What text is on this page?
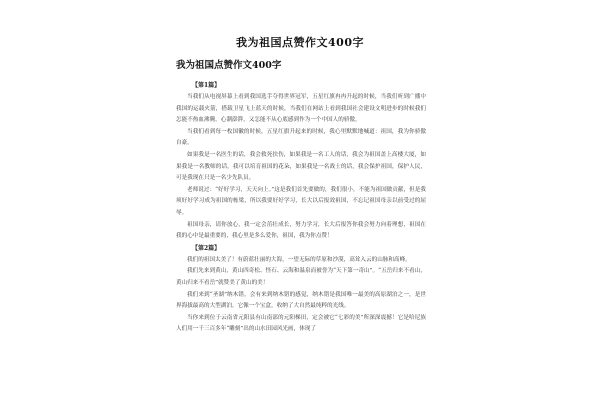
我为祖国点赞作文400字
我为祖国点赞作文400字
【第1篇】

当我们从电视屏幕上看到我国选手夺得世界冠军，五星红旗冉冉升起的时候，当我们听到广播中我国的运载火箭，搭载卫星飞上蓝天的时候，当我们在网站上看到我国社会建设文明进步的时候我们怎能不热血沸腾，心潮澎湃，又怎能不从心底感到作为一个中国人的骄傲。

当我们看到每一枚国徽的时候，五星红旗升起来的时候，我心里默默地喊道：祖国，我为你骄傲自豪。

如果我是一名医生的话，我会救死扶伤，如果我是一名工人的话，我会为祖国盖上高楼大厦，如果我是一名教师的话，我可以培育祖国的花朵，如果我是一名战士的话，我会保护祖国，保护人民，可是我现在只是一名少先队员。

老师说过：“好好学习，天天向上。”这是我们首先要做的，我们很小，不能为祖国做贡献，但是我须好好学习成为祖国的栋梁，所以我要好好学习，长大以后报效祖国，不忘记祖国母亲以前受过的屈辱。

祖国母亲，请你放心，我一定会茁壮成长，努力学习，长大后报答你我会努力向着理想，祖国在我的心中是最重要的，我心里是多么爱你，祖国，我为你点赞！

【第2篇】

我们的祖国太美了！有蔚蓝壮丽的大海，一望无际的草原和沙漠，高耸入云的山脉和高峰。

我们先来到黄山，黄山四奇松、怪石、云海和温泉而被誉为“天下第一奇山”。“五岳归来不看山，黄山归来不看岳”就赞美了黄山的美！

我们来到“圣湖”纳木错。会有来到纳木错的感觉，纳木错是我国唯一最美的高原湖泊之一，是世界海拔最高的大型湖泊。它像一个宝盒，收纳了大自然最纯粹的光线。

当你来到位于云南省元阳县有山南部的元阳梯田，定会被它“七彩的美”所深深震撼！它是哈尼族人们用一千三百多年“雕刻”出的山水田园风光画，体现了
